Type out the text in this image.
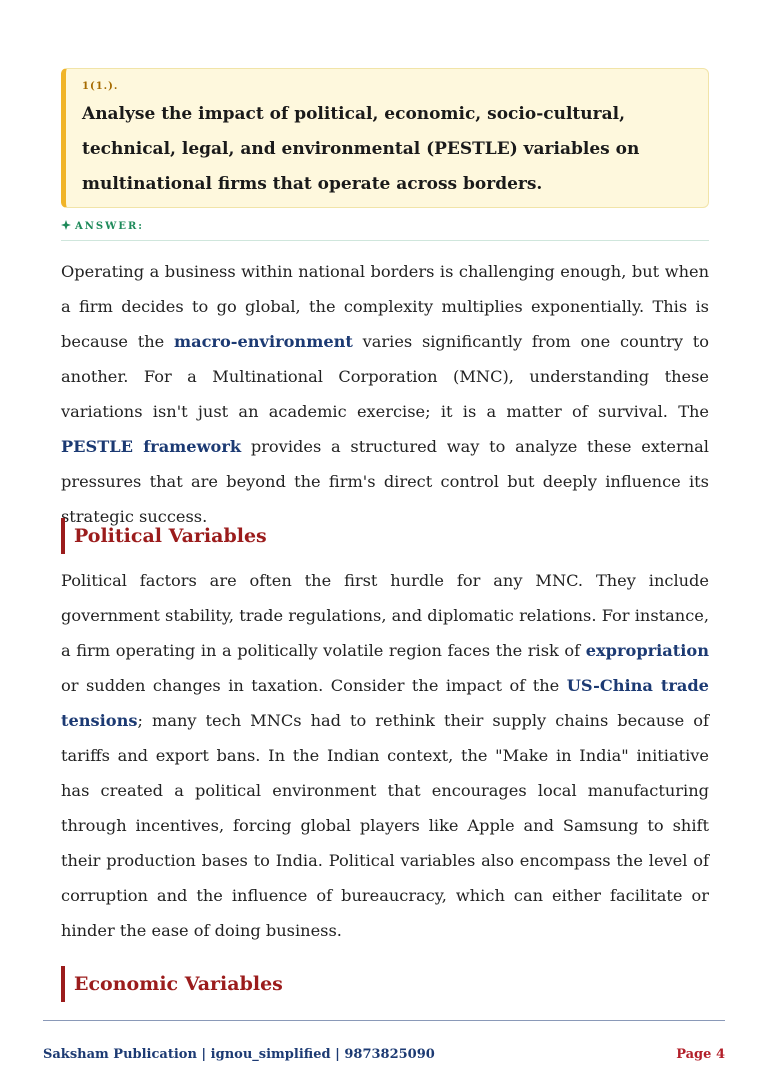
1(1.).
Analyse the impact of political, economic, socio-cultural, technical, legal, and environmental (PESTLE) variables on multinational firms that operate across borders.
ANSWER:

Operating a business within national borders is challenging enough, but when a firm decides to go global, the complexity multiplies exponentially. This is because the macro-environment varies significantly from one country to another. For a Multinational Corporation (MNC), understanding these variations isn't just an academic exercise; it is a matter of survival. The PESTLE framework provides a structured way to analyze these external pressures that are beyond the firm's direct control but deeply influence its strategic success.

Political Variables

Political factors are often the first hurdle for any MNC. They include government stability, trade regulations, and diplomatic relations. For instance, a firm operating in a politically volatile region faces the risk of expropriation or sudden changes in taxation. Consider the impact of the US-China trade tensions; many tech MNCs had to rethink their supply chains because of tariffs and export bans. In the Indian context, the "Make in India" initiative has created a political environment that encourages local manufacturing through incentives, forcing global players like Apple and Samsung to shift their production bases to India. Political variables also encompass the level of corruption and the influence of bureaucracy, which can either facilitate or hinder the ease of doing business.

Economic Variables
Saksham Publication | ignou_simplified | 9873825090	Page 4
